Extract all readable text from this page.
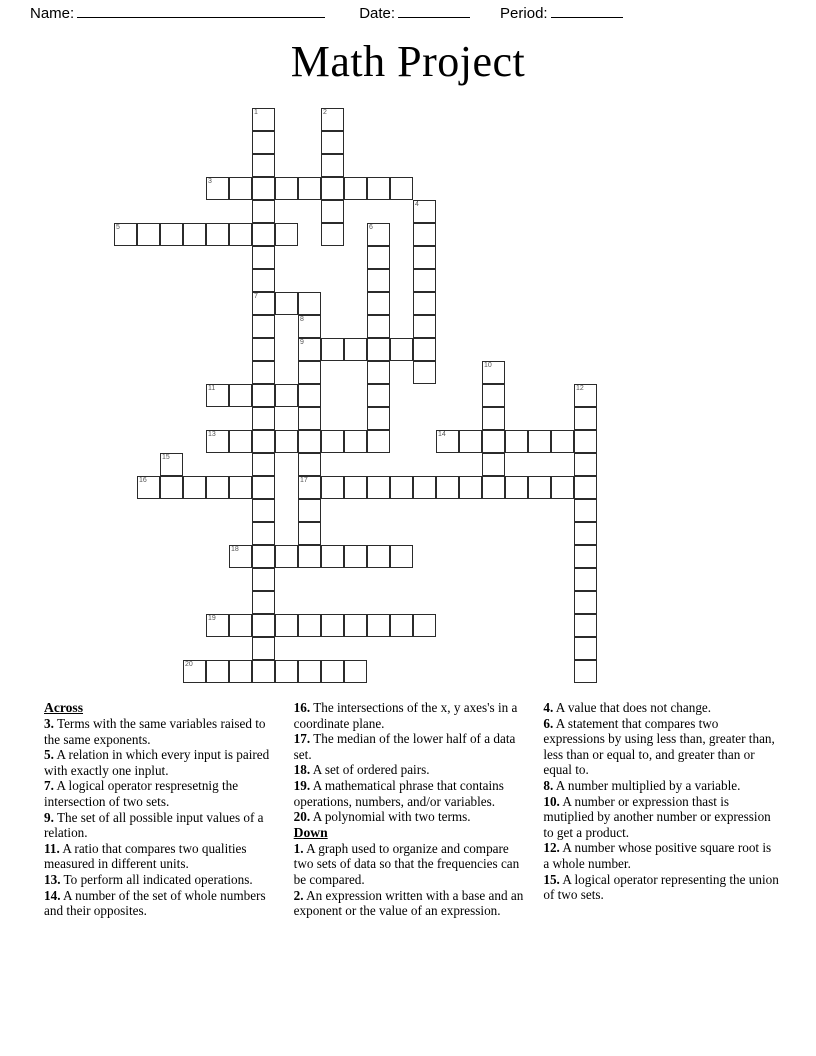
Name:	Date:	Period:
Math Project
5
16
6
4
14
10
15
12
20
11
13
19
3
18
1
7
9
17
8
2
Across

3. Terms with the same variables raised to the same exponents.

5. A relation in which every input is paired with exactly one inplut.

7. A logical operator respresetnig the intersection of two sets.

9. The set of all possible input values of a relation.

11. A ratio that compares two qualities measured in different units.

13. To perform all indicated operations.

14. A number of the set of whole numbers and their opposites.

16. The intersections of the x, y axes's in a coordinate plane.

17. The median of the lower half of a data set.

18. A set of ordered pairs.

19. A mathematical phrase that contains operations, numbers, and/or variables.

20. A polynomial with two terms.

Down

1. A graph used to organize and compare two sets of data so that the frequencies can be compared.

2. An expression written with a base and an exponent or the value of an expression.

4. A value that does not change.

6. A statement that compares two expressions by using less than, greater than, less than or equal to, and greater than or equal to.

8. A number multiplied by a variable.

10. A number or expression thast is mutiplied by another number or expression to get a product.

12. A number whose positive square root is a whole number.

15. A logical operator representing the union of two sets.
